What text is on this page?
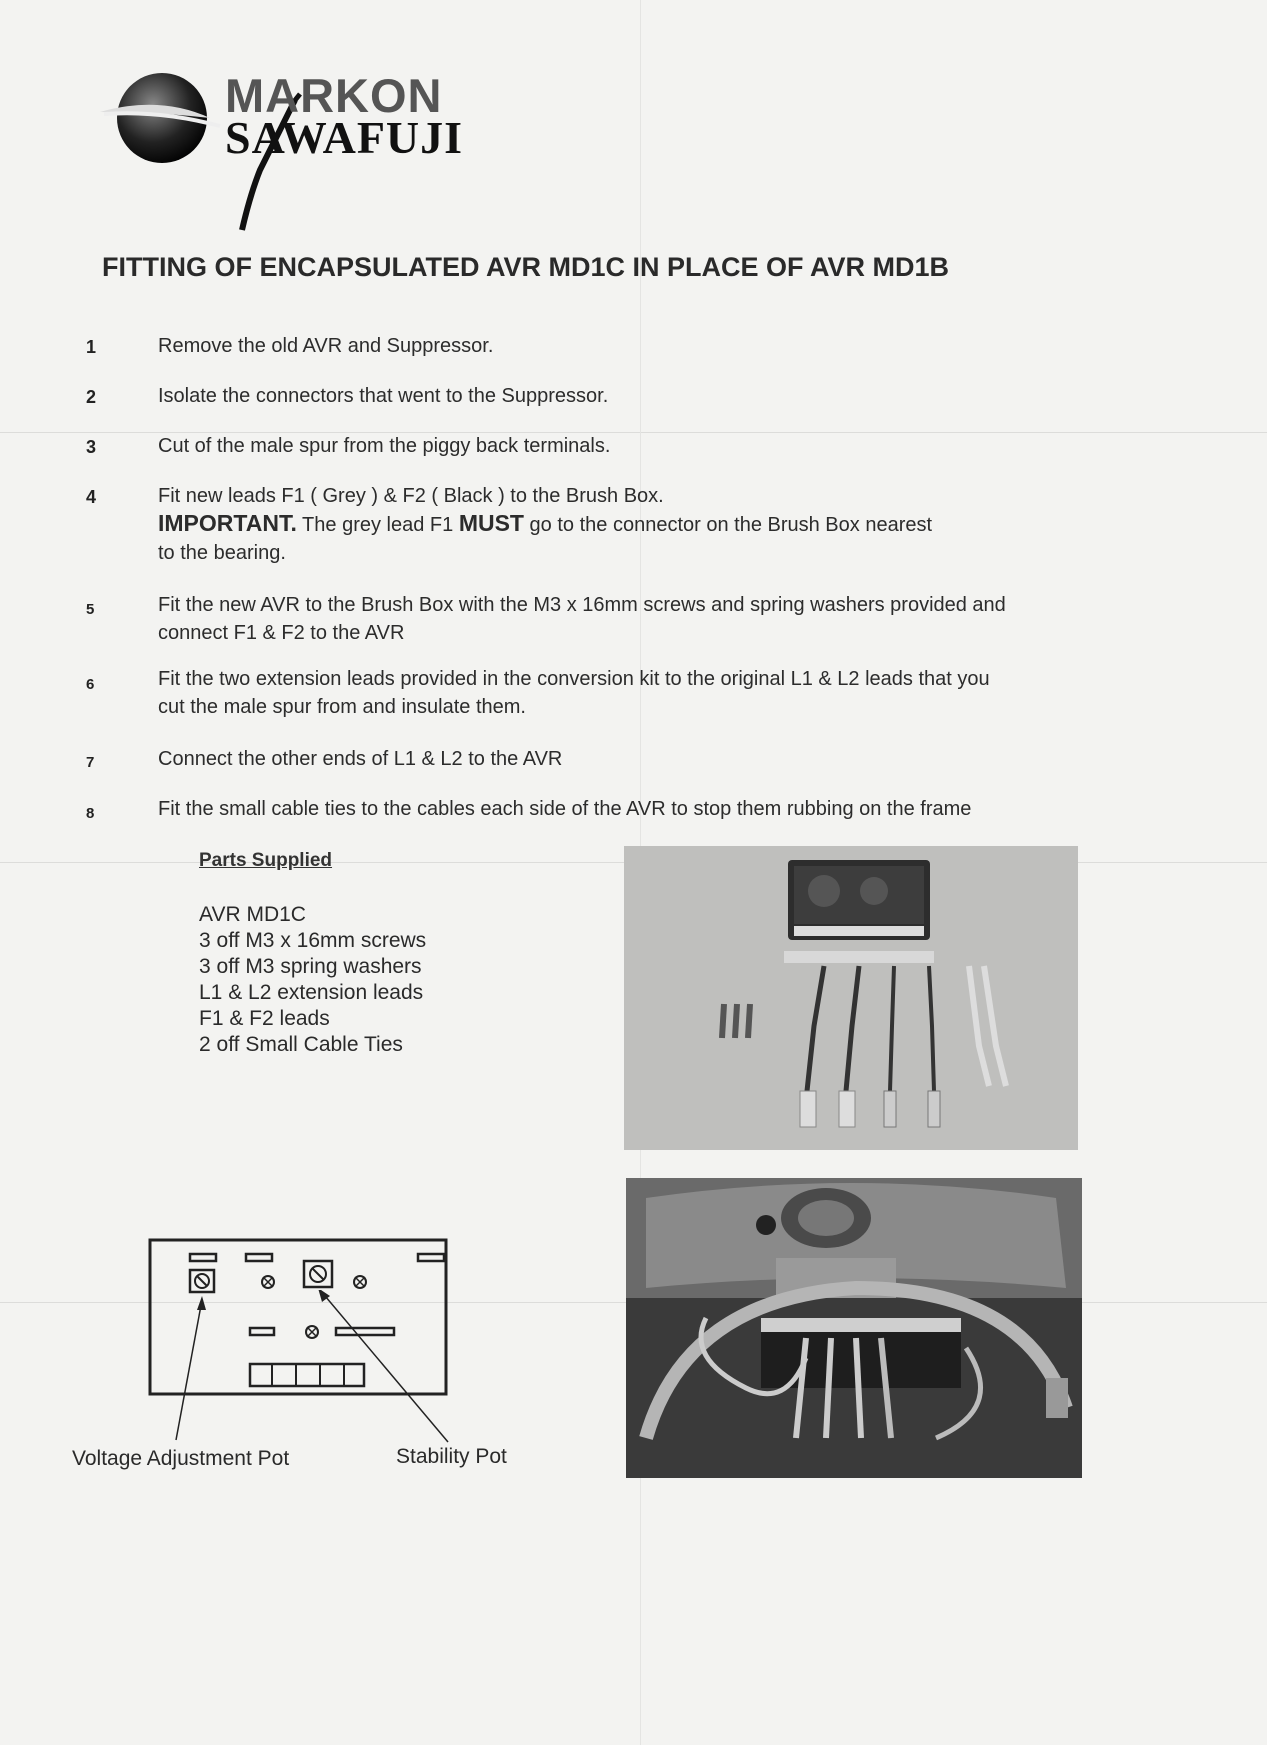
MARKON
SAWAFUJI
FITTING OF ENCAPSULATED AVR MD1C IN PLACE OF AVR MD1B
1	Remove the old AVR and Suppressor.
2	Isolate the connectors that went to the Suppressor.
3	Cut of the male spur from the piggy back terminals.
4	Fit new leads F1 ( Grey ) & F2 ( Black ) to the Brush Box.
IMPORTANT. The grey lead F1 MUST go to the connector on the Brush Box nearest
to the bearing.
5	Fit the new AVR to the Brush Box with the M3 x 16mm screws and spring washers provided and
connect F1 & F2 to the AVR
6	Fit the two extension leads provided in the conversion kit to the original L1 & L2 leads that you
cut the male spur from and insulate them.
7	Connect the other ends of L1 & L2 to the AVR
8	Fit the small cable ties to the cables each side of the AVR to stop them rubbing on the frame
Parts Supplied
AVR MD1C
3 off M3 x 16mm screws
3 off M3 spring washers
L1 & L2 extension leads
F1 & F2 leads
2 off Small Cable Ties
Voltage Adjustment Pot	Stability Pot
